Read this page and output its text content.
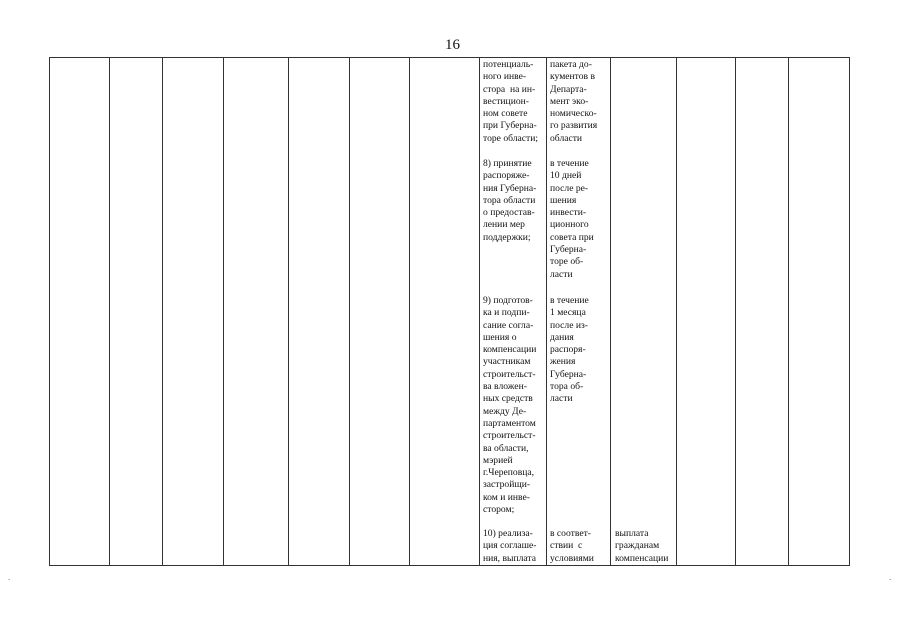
16
потенциаль-
ного инве-
стора  на ин-
вестицион-
ном совете
при Губерна-
торе области;
пакета до-
кументов в
Департа-
мент эко-
номическо-
го развития
области
8) принятие
распоряже-
ния Губерна-
тора области
о предостав-
лении мер
поддержки;
в течение
10 дней
после ре-
шения
инвести-
ционного
совета при
Губерна-
торе об-
ласти
9) подготов-
ка и подпи-
сание согла-
шения о
компенсации
участникам
строительст-
ва вложен-
ных средств
между Де-
партаментом
строительст-
ва области,
мэрией
г.Череповца,
застройщи-
ком и инве-
стором;
в течение
1 месяца
после из-
дания
распоря-
жения
Губерна-
тора об-
ласти
10) реализа-
ция соглаше-
ния, выплата
в соответ-
ствии  с
условиями
выплата
гражданам
компенсации
.	.
